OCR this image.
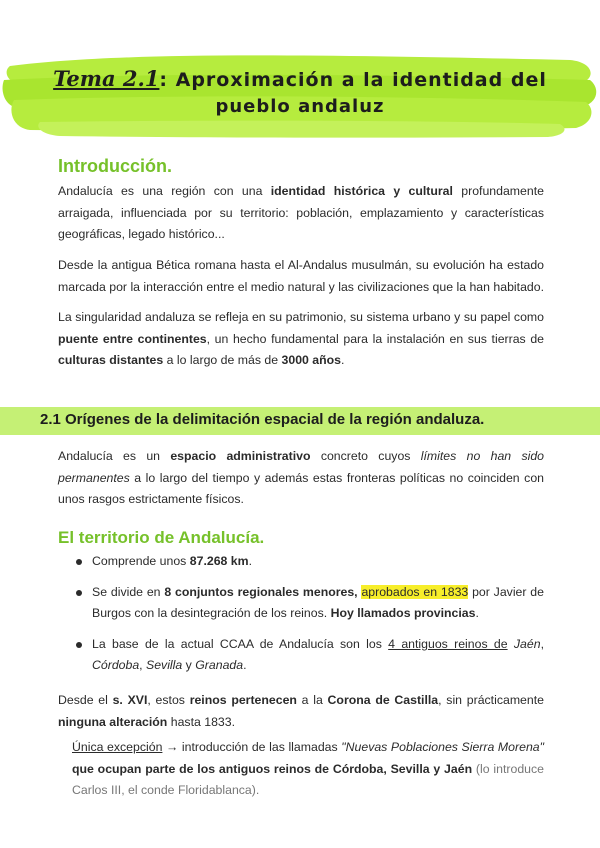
Tema 2.1: Aproximación a la identidad del
pueblo andaluz
Introducción.

Andalucía es una región con una identidad histórica y cultural profundamente arraigada, influenciada por su territorio: población, emplazamiento y características geográficas, legado histórico...

Desde la antigua Bética romana hasta el Al-Andalus musulmán, su evolución ha estado marcada por la interacción entre el medio natural y las civilizaciones que la han habitado.

La singularidad andaluza se refleja en su patrimonio, su sistema urbano y su papel como puente entre continentes, un hecho fundamental para la instalación en sus tierras de culturas distantes a lo largo de más de 3000 años.

2.1 Orígenes de la delimitación espacial de la región andaluza.

Andalucía es un espacio administrativo concreto cuyos límites no han sido permanentes a lo largo del tiempo y además estas fronteras políticas no coinciden con unos rasgos estrictamente físicos.

El territorio de Andalucía.
Comprende unos 87.268 km.
Se divide en 8 conjuntos regionales menores, aprobados en 1833 por Javier de Burgos con la desintegración de los reinos. Hoy llamados provincias.
La base de la actual CCAA de Andalucía son los 4 antiguos reinos de Jaén, Córdoba, Sevilla y Granada.

Desde el s. XVI, estos reinos pertenecen a la Corona de Castilla, sin prácticamente ninguna alteración hasta 1833.

Única excepción → introducción de las llamadas "Nuevas Poblaciones Sierra Morena" que ocupan parte de los antiguos reinos de Córdoba, Sevilla y Jaén (lo introduce Carlos III, el conde Floridablanca).
